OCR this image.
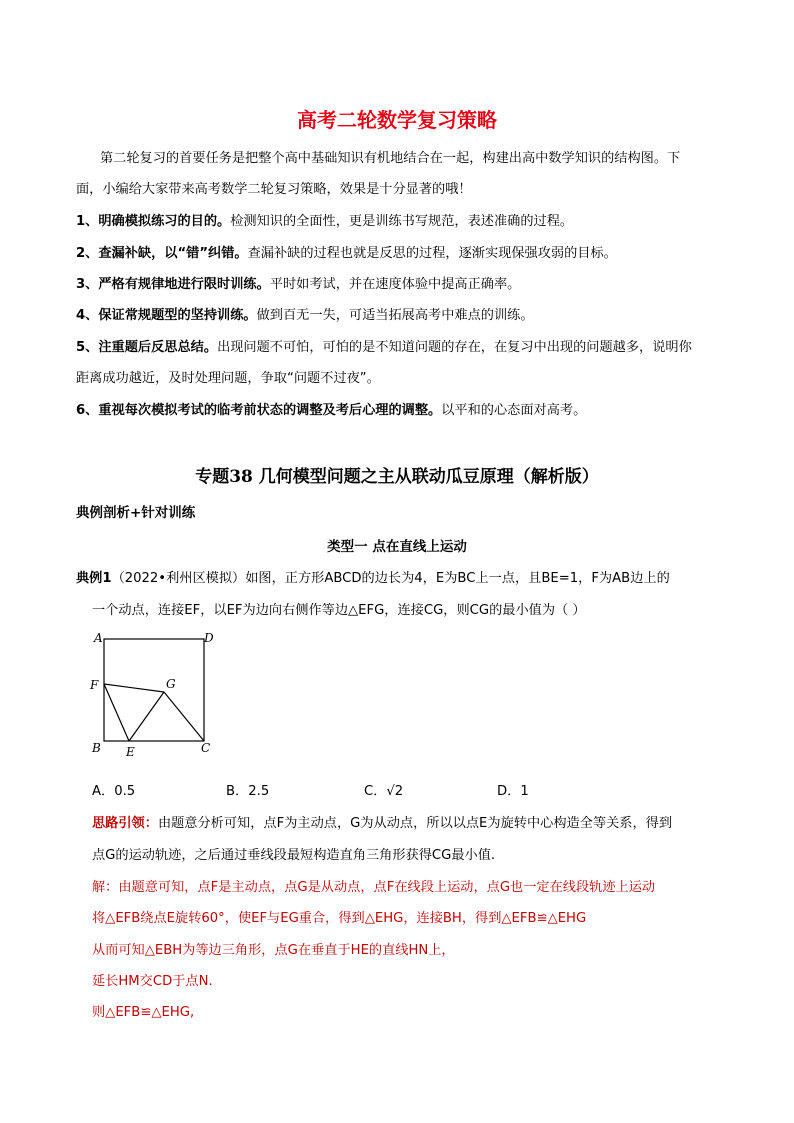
高考二轮数学复习策略
第二轮复习的首要任务是把整个高中基础知识有机地结合在一起，构建出高中数学知识的结构图。下
面，小编给大家带来高考数学二轮复习策略，效果是十分显著的哦！
1、明确模拟练习的目的。检测知识的全面性，更是训练书写规范，表述准确的过程。
2、查漏补缺，以“错”纠错。查漏补缺的过程也就是反思的过程，逐渐实现保强攻弱的目标。
3、严格有规律地进行限时训练。平时如考试，并在速度体验中提高正确率。
4、保证常规题型的坚持训练。做到百无一失，可适当拓展高考中难点的训练。
5、注重题后反思总结。出现问题不可怕，可怕的是不知道问题的存在，在复习中出现的问题越多，说明你
距离成功越近，及时处理问题，争取“问题不过夜”。
6、重视每次模拟考试的临考前状态的调整及考后心理的调整。以平和的心态面对高考。
专题38 几何模型问题之主从联动瓜豆原理（解析版）
典例剖析+针对训练
类型一 点在直线上运动
典例1（2022•利州区模拟）如图，正方形ABCD的边长为4，E为BC上一点，且BE=1，F为AB边上的
一个动点，连接EF，以EF为边向右侧作等边△EFG，连接CG，则CG的最小值为（ ）
A	D
F	G
B E	C
A．0.5	B．2.5	C．√2	D．1
思路引领：由题意分析可知，点F为主动点，G为从动点，所以以点E为旋转中心构造全等关系，得到
点G的运动轨迹，之后通过垂线段最短构造直角三角形获得CG最小值.
解：由题意可知，点F是主动点，点G是从动点，点F在线段上运动，点G也一定在线段轨迹上运动
将△EFB绕点E旋转60°，使EF与EG重合，得到△EHG，连接BH，得到△EFB≌△EHG
从而可知△EBH为等边三角形，点G在垂直于HE的直线HN上，
延长HM交CD于点N.
则△EFB≌△EHG,
